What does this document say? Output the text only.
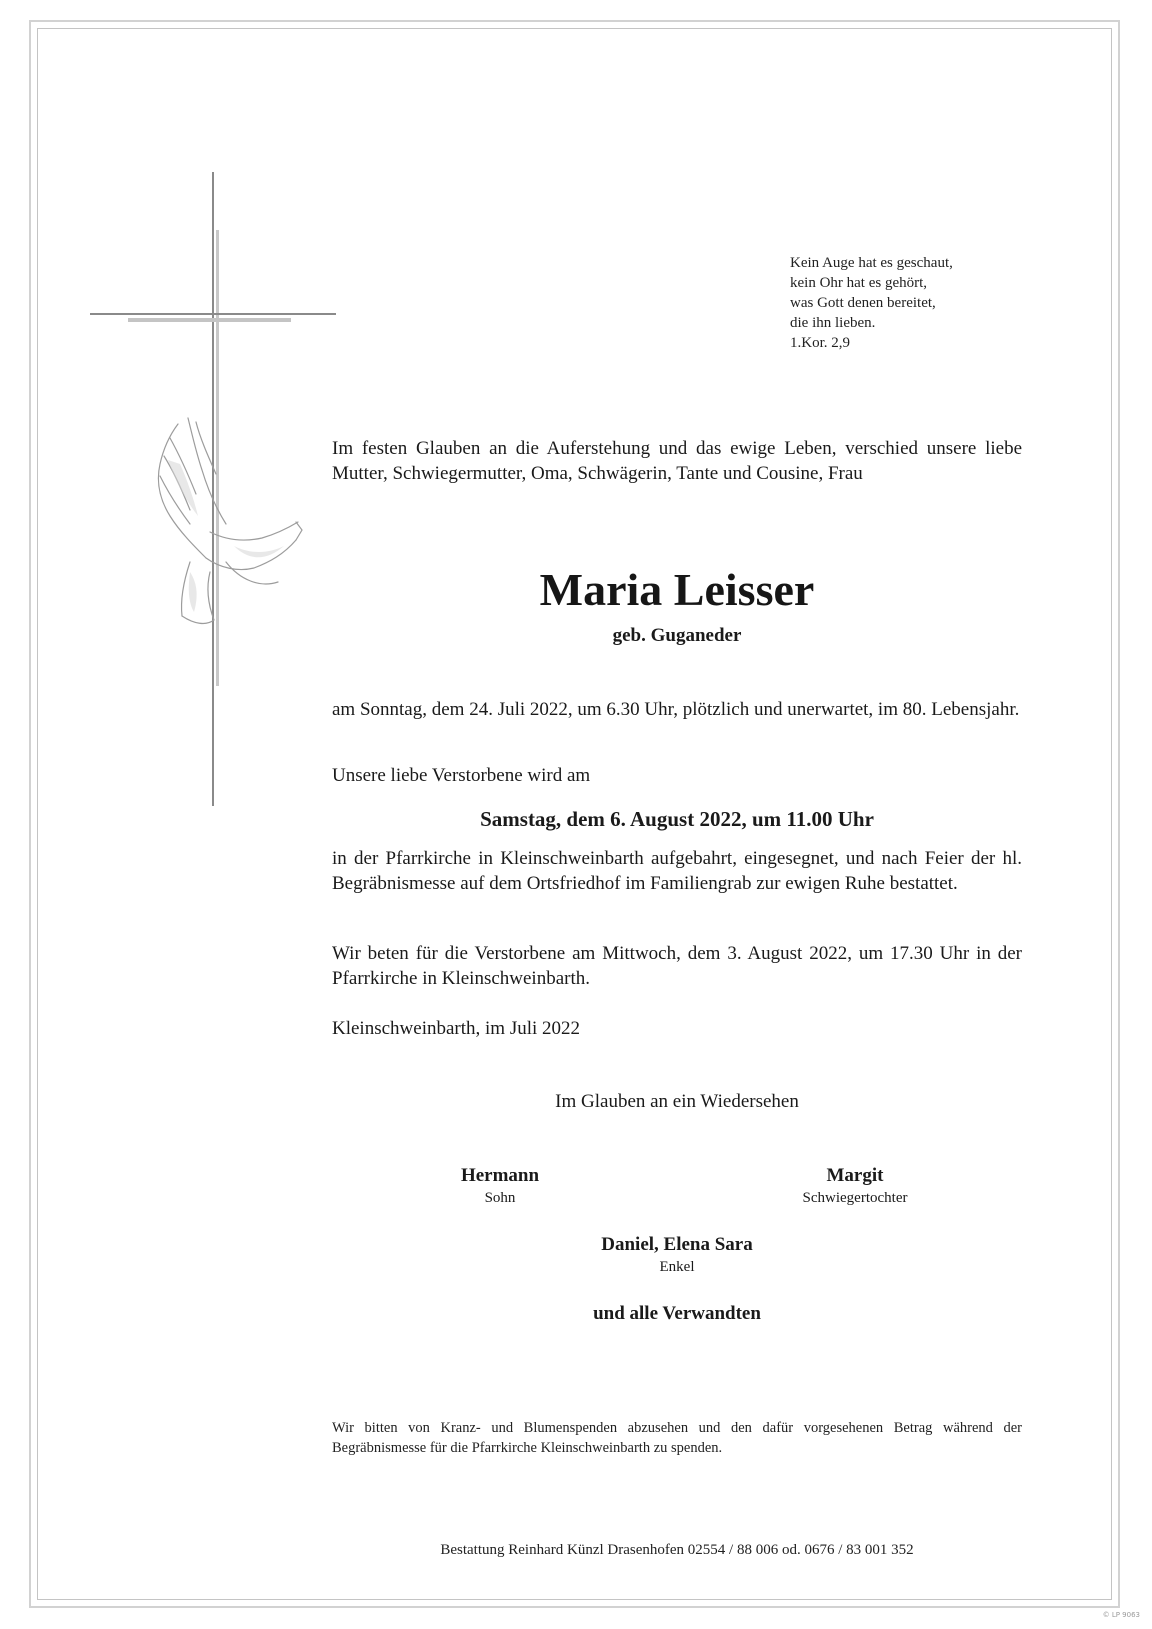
Kein Auge hat es geschaut,
kein Ohr hat es gehört,
was Gott denen bereitet,
die ihn lieben.
1.Kor. 2,9
Im festen Glauben an die Auferstehung und das ewige Leben, verschied unsere liebe Mutter, Schwiegermutter, Oma, Schwägerin, Tante und Cousine, Frau
Maria Leisser
geb. Guganeder
am Sonntag, dem 24. Juli 2022, um 6.30 Uhr, plötzlich und unerwartet, im 80. Lebensjahr.
Unsere liebe Verstorbene wird am
Samstag, dem 6. August 2022, um 11.00 Uhr
in der Pfarrkirche in Kleinschweinbarth aufgebahrt, eingesegnet, und nach Feier der hl. Begräbnismesse auf dem Ortsfriedhof im Familiengrab zur ewigen Ruhe bestattet.
Wir beten für die Verstorbene am Mittwoch, dem 3. August 2022, um 17.30 Uhr in der Pfarrkirche in Kleinschweinbarth.
Kleinschweinbarth, im Juli 2022
Im Glauben an ein Wiedersehen
Hermann
Sohn
Margit
Schwiegertochter
Daniel, Elena Sara
Enkel
und alle Verwandten
Wir bitten von Kranz- und Blumenspenden abzusehen und den dafür vorgesehenen Betrag während der Begräbnismesse für die Pfarrkirche Kleinschweinbarth zu spenden.
Bestattung Reinhard Künzl Drasenhofen 02554 / 88 006 od. 0676 / 83 001 352
© LP 9063
